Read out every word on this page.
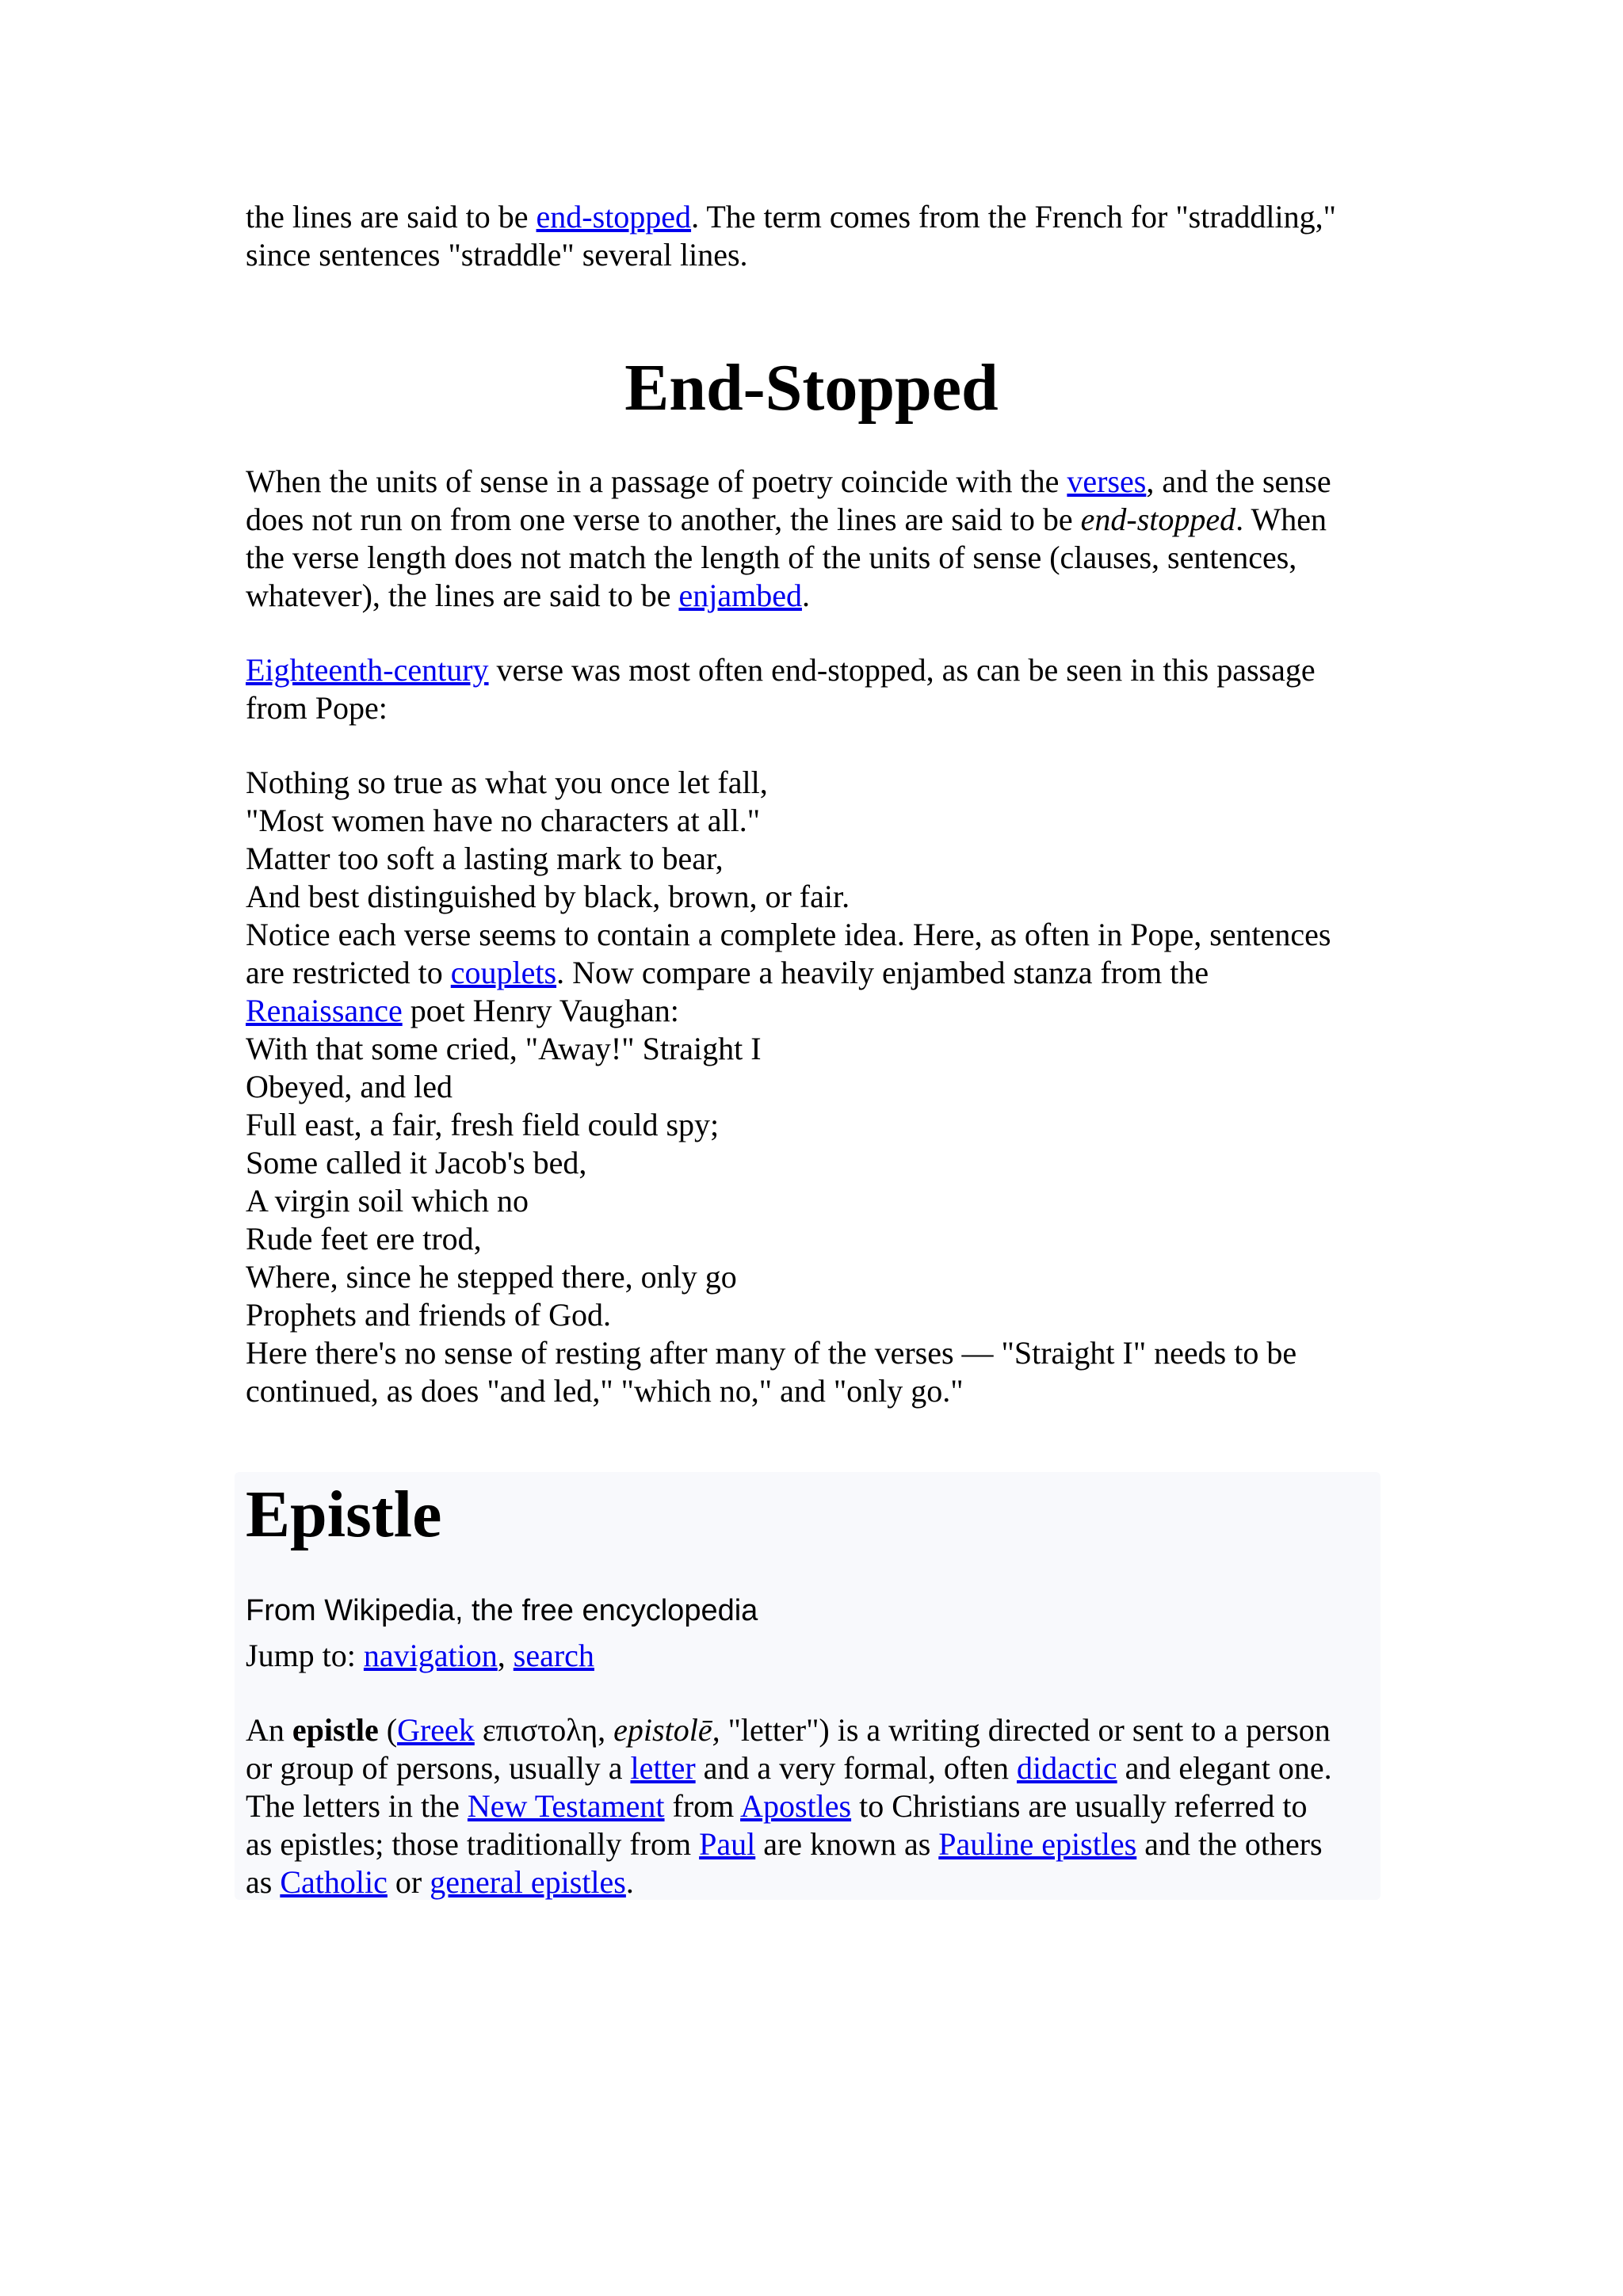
the lines are said to be end-stopped. The term comes from the French for "straddling,"
since sentences "straddle" several lines.
End-Stopped
When the units of sense in a passage of poetry coincide with the verses, and the sense
does not run on from one verse to another, the lines are said to be end-stopped. When
the verse length does not match the length of the units of sense (clauses, sentences,
whatever), the lines are said to be enjambed.
Eighteenth-century verse was most often end-stopped, as can be seen in this passage
from Pope:
Nothing so true as what you once let fall,
"Most women have no characters at all."
Matter too soft a lasting mark to bear,
And best distinguished by black, brown, or fair.
Notice each verse seems to contain a complete idea. Here, as often in Pope, sentences
are restricted to couplets. Now compare a heavily enjambed stanza from the
Renaissance poet Henry Vaughan:
With that some cried, "Away!" Straight I
Obeyed, and led
Full east, a fair, fresh field could spy;
Some called it Jacob's bed,
A virgin soil which no
Rude feet ere trod,
Where, since he stepped there, only go
Prophets and friends of God.
Here there's no sense of resting after many of the verses — "Straight I" needs to be
continued, as does "and led," "which no," and "only go."
Epistle
From Wikipedia, the free encyclopedia
Jump to: navigation, search
An epistle (Greek επιστολη, epistolē, "letter") is a writing directed or sent to a person
or group of persons, usually a letter and a very formal, often didactic and elegant one.
The letters in the New Testament from Apostles to Christians are usually referred to
as epistles; those traditionally from Paul are known as Pauline epistles and the others
as Catholic or general epistles.
